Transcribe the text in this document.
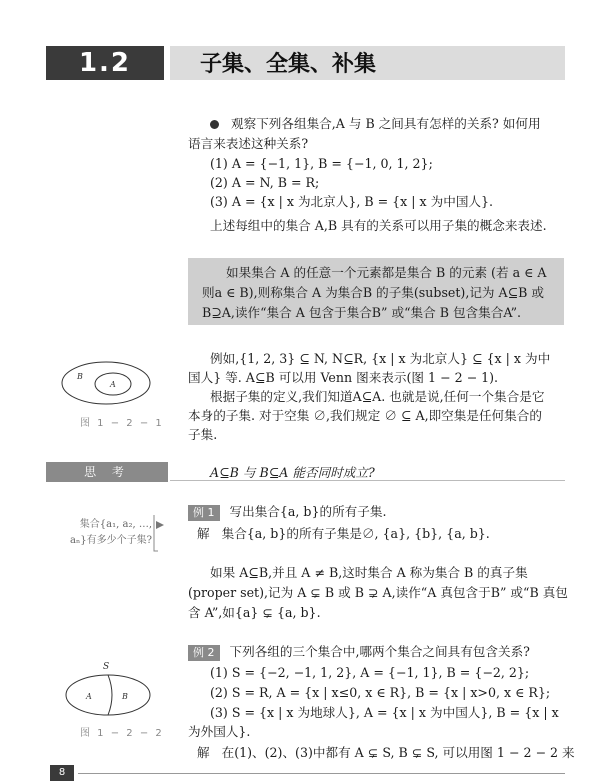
1.2	子集、全集、补集
观察下列各组集合,A 与 B 之间具有怎样的关系? 如何用
语言来表述这种关系?
(1) A = {−1, 1}, B = {−1, 0, 1, 2};
(2) A = N, B = R;
(3) A = {x | x 为北京人}, B = {x | x 为中国人}.
上述每组中的集合 A,B 具有的关系可以用子集的概念来表述.
如果集合 A 的任意一个元素都是集合 B 的元素 (若 a ∈ A
则a ∈ B),则称集合 A 为集合B 的子集(subset),记为 A⊆B 或
B⊇A,读作“集合 A 包含于集合B” 或“集合 B 包含集合A”.
B
A
图 1 − 2 − 1
例如,{1, 2, 3} ⊆ N, N⊆R, {x | x 为北京人} ⊆ {x | x 为中
国人} 等. A⊆B 可以用 Venn 图来表示(图 1 − 2 − 1).
根据子集的定义,我们知道A⊆A. 也就是说,任何一个集合是它
本身的子集. 对于空集 ∅,我们规定 ∅ ⊆ A,即空集是任何集合的
子集.
思 考	A⊆B 与 B⊆A 能否同时成立?
例 1 写出集合{a, b}的所有子集.
解 集合{a, b}的所有子集是∅, {a}, {b}, {a, b}.
集合{a₁, a₂, …,
aₙ}有多少个子集?
如果 A⊆B,并且 A ≠ B,这时集合 A 称为集合 B 的真子集
(proper set),记为 A ⊊ B 或 B ⊋ A,读作“A 真包含于B” 或“B 真包
含 A”,如{a} ⊊ {a, b}.
例 2 下列各组的三个集合中,哪两个集合之间具有包含关系?
(1) S = {−2, −1, 1, 2}, A = {−1, 1}, B = {−2, 2};
(2) S = R, A = {x | x≤0, x ∈ R}, B = {x | x>0, x ∈ R};
(3) S = {x | x 为地球人}, A = {x | x 为中国人}, B = {x | x
为外国人}.
解 在(1)、(2)、(3)中都有 A ⊊ S, B ⊊ S, 可以用图 1 − 2 − 2 来
S
A	B
图 1 − 2 − 2
8
